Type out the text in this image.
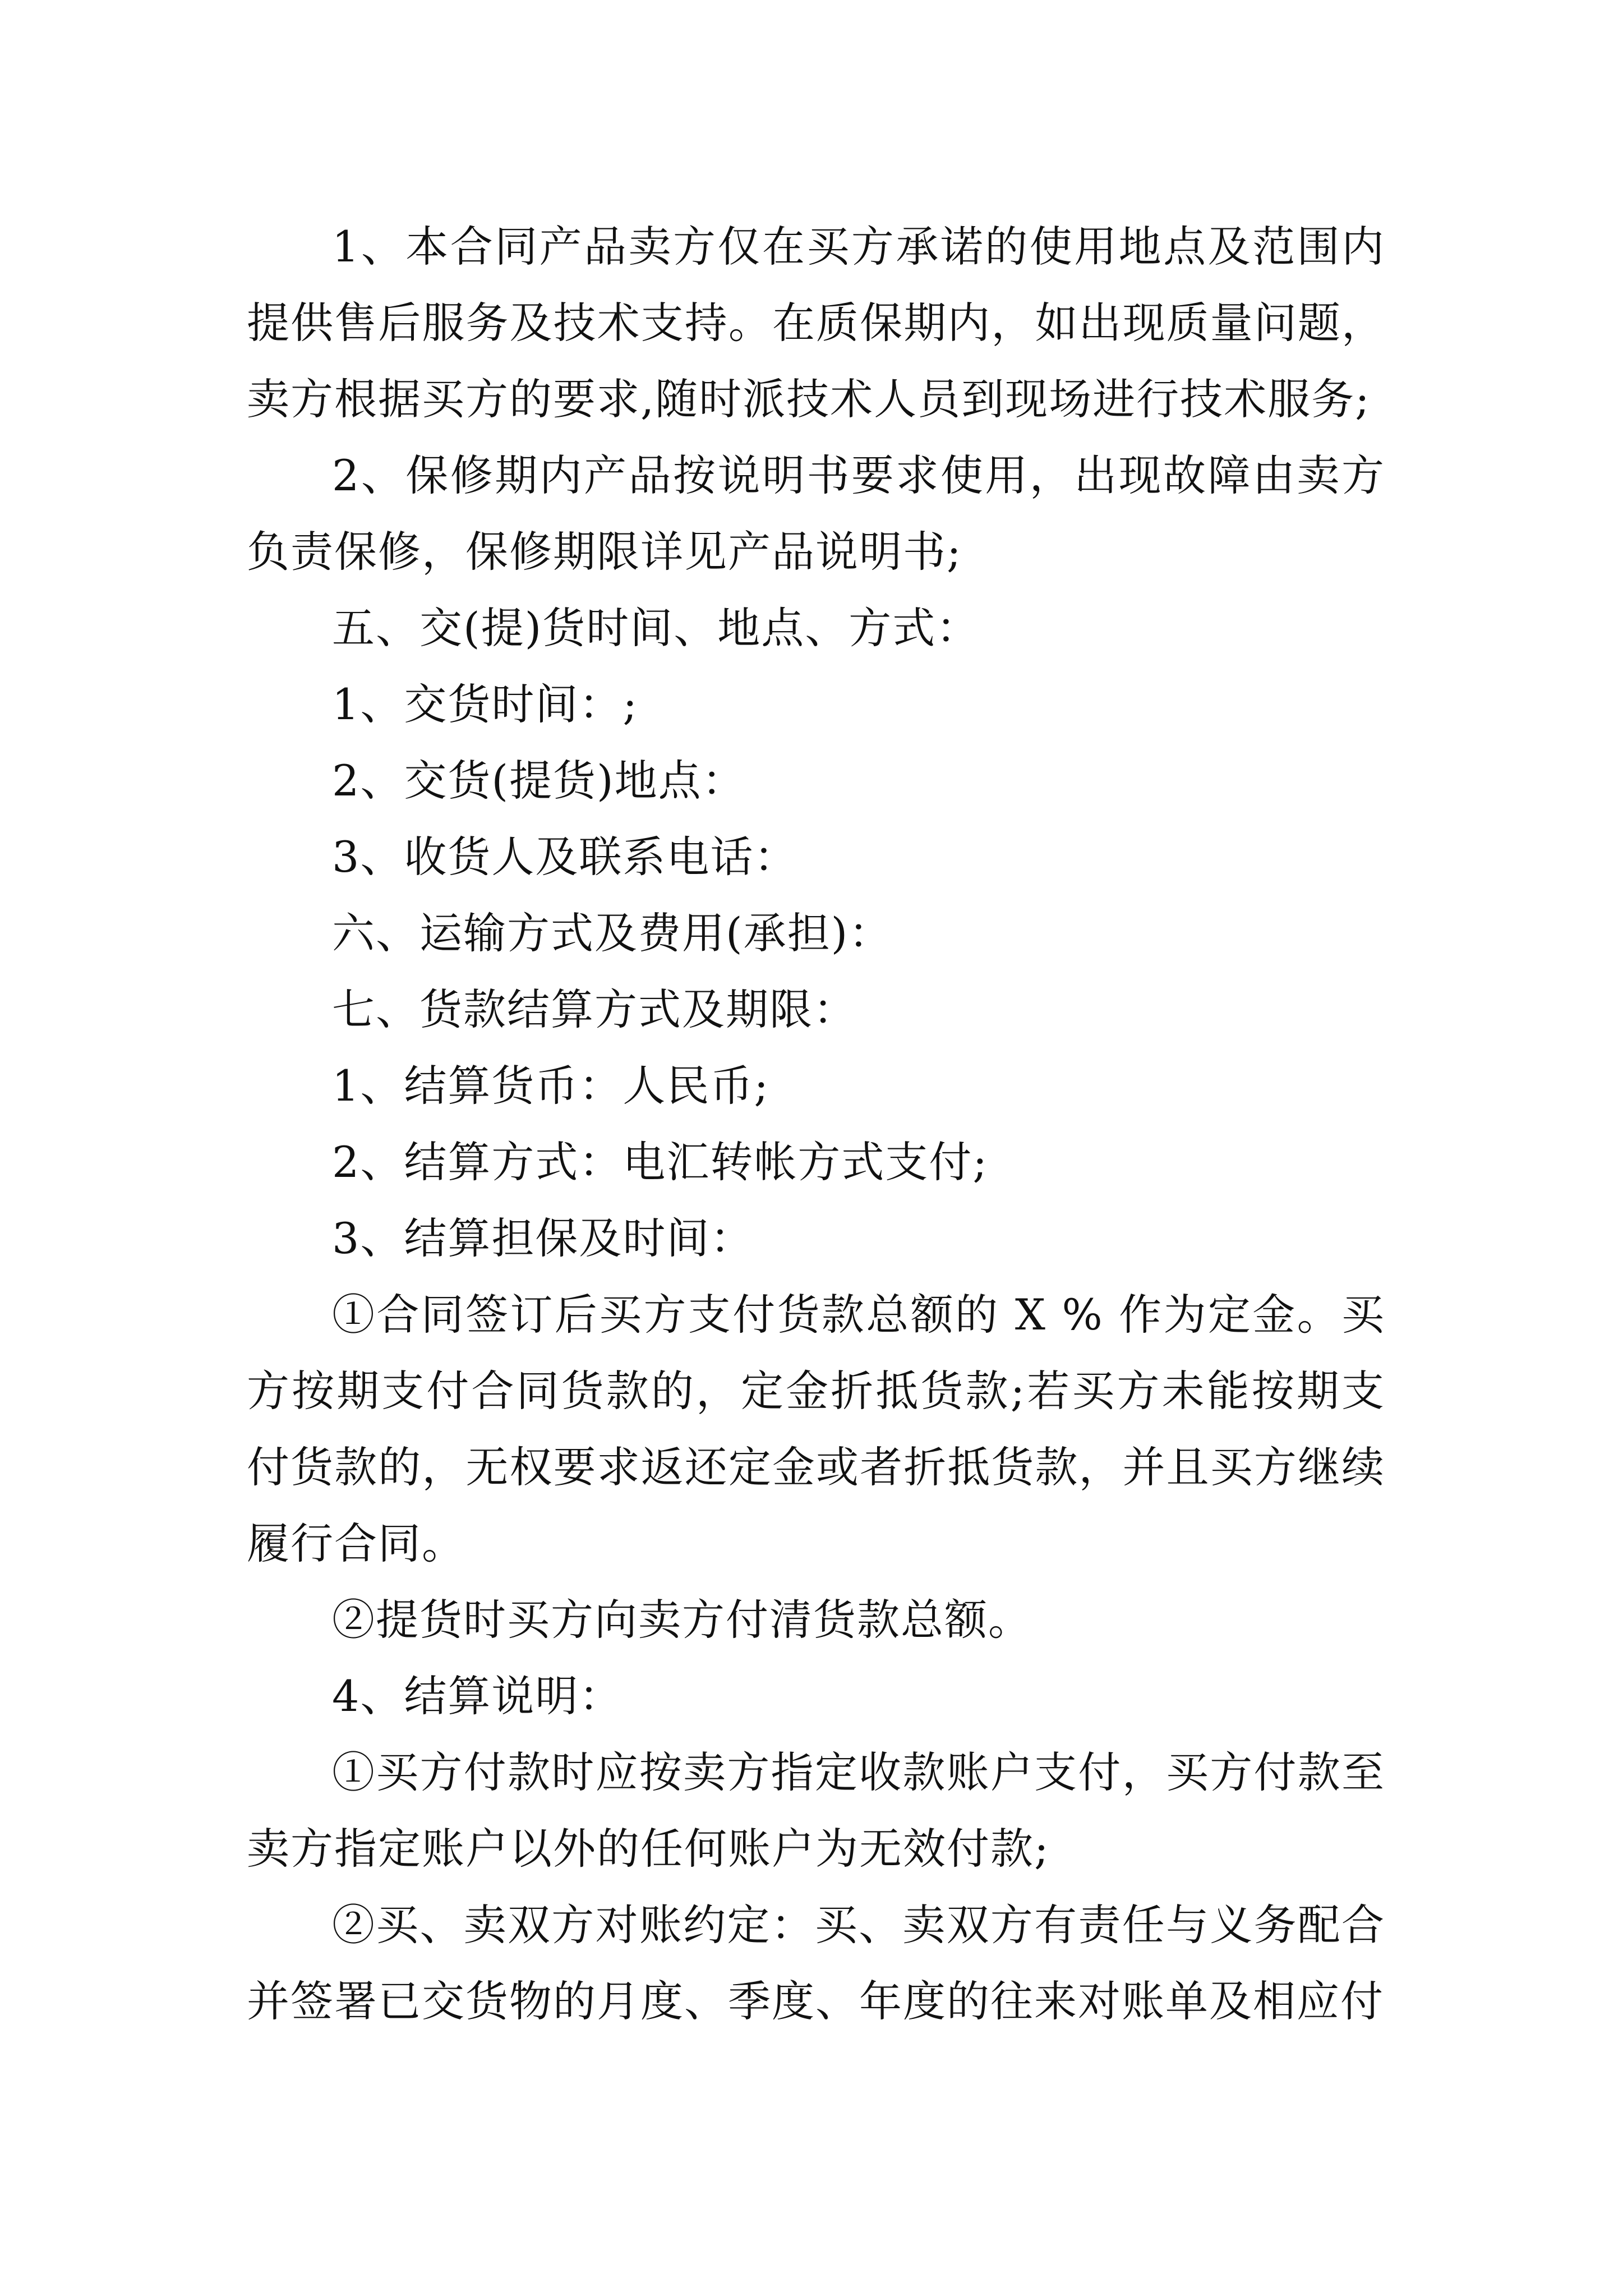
1、本合同产品卖方仅在买方承诺的使用地点及范围内提供售后服务及技术支持。在质保期内，如出现质量问题，卖方根据买方的要求,随时派技术人员到现场进行技术服务;

2、保修期内产品按说明书要求使用，出现故障由卖方负责保修，保修期限详见产品说明书;

五、交(提)货时间、地点、方式：

1、交货时间：;

2、交货(提货)地点：

3、收货人及联系电话：

六、运输方式及费用(承担)：

七、货款结算方式及期限：

1、结算货币：人民币;

2、结算方式：电汇转帐方式支付;

3、结算担保及时间：

①合同签订后买方支付货款总额的 X % 作为定金。买方按期支付合同货款的，定金折抵货款;若买方未能按期支付货款的，无权要求返还定金或者折抵货款，并且买方继续履行合同。

②提货时买方向卖方付清货款总额。

4、结算说明：

①买方付款时应按卖方指定收款账户支付，买方付款至卖方指定账户以外的任何账户为无效付款;

②买、卖双方对账约定：买、卖双方有责任与义务配合并签署已交货物的月度、季度、年度的往来对账单及相应付
